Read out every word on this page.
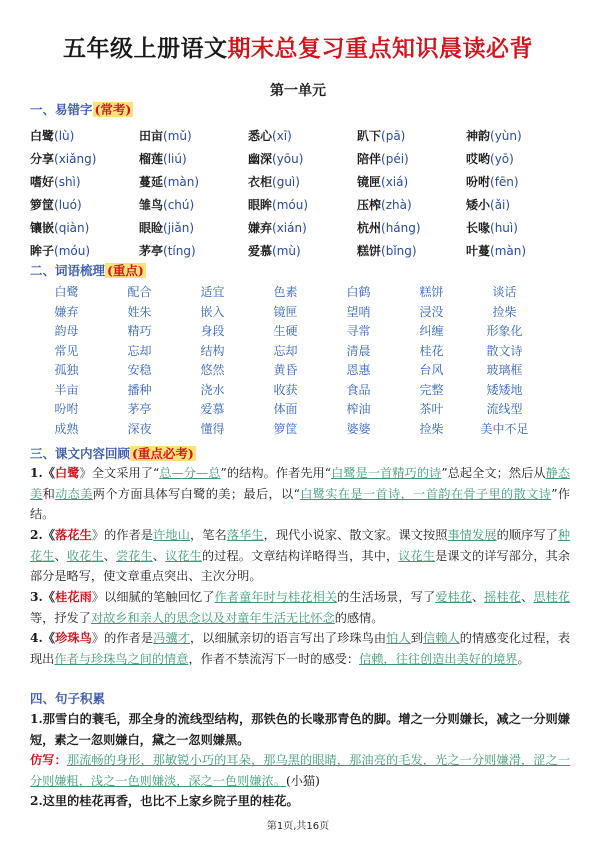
五年级上册语文期末总复习重点知识晨读必背
第一单元
一、易错字 (常考)
白鹭(lù)	田亩(mǔ)	悉心(xī)	趴下(pā)	神韵(yùn)
分享(xiǎng)	榴莲(liú)	幽深(yōu)	陪伴(péi)	哎哟(yō)
嗜好(shì)	蔓延(màn)	衣柜(guì)	镜匣(xiá)	吩咐(fēn)
箩筐(luó)	雏鸟(chú)	眼眸(móu)	压榨(zhà)	矮小(ǎi)
镶嵌(qiàn)	眼睑(jiǎn)	嫌弃(xián)	杭州(háng)	长喙(huì)
眸子(móu)	茅亭(tíng)	爱慕(mù)	糕饼(bǐng)	叶蔓(màn)
二、词语梳理 (重点)
白鹭	配合	适宜	色素	白鹤	糕饼	谈话
嫌弃	姓朱	嵌入	镜匣	望哨	浸没	捡柴
韵母	精巧	身段	生硬	寻常	纠缠	形象化
常见	忘却	结构	忘却	清晨	桂花	散文诗
孤独	安稳	悠然	黄昏	恩惠	台风	玻璃框
半亩	播种	浇水	收获	食品	完整	矮矮地
吩咐	茅亭	爱慕	体面	榨油	茶叶	流线型
成熟	深夜	懂得	箩筐	婆婆	捡柴	美中不足
三、课文内容回顾 (重点必考)
1.《白鹭》全文采用了“总—分—总”的结构。作者先用“白鹭是一首精巧的诗”总起全文；然后从静态美和动态美两个方面具体写白鹭的美；最后，以“白鹭实在是一首诗，一首韵在骨子里的散文诗”作结。
2.《落花生》的作者是许地山，笔名落华生，现代小说家、散文家。课文按照事情发展的顺序写了种花生、收花生、尝花生、议花生的过程。文章结构详略得当，其中，议花生是课文的详写部分，其余部分是略写，使文章重点突出、主次分明。
3.《桂花雨》以细腻的笔触回忆了作者童年时与桂花相关的生活场景，写了爱桂花、摇桂花、思桂花等，抒发了对故乡和亲人的思念以及对童年生活无比怀念的感情。
4.《珍珠鸟》的作者是冯骥才，以细腻亲切的语言写出了珍珠鸟由怕人到信赖人的情感变化过程，表现出作者与珍珠鸟之间的情意，作者不禁流泻下一时的感受：信赖，往往创造出美好的境界。
四、句子积累
1.那雪白的蓑毛，那全身的流线型结构，那铁色的长喙那青色的脚。增之一分则嫌长，减之一分则嫌短，素之一忽则嫌白，黛之一忽则嫌黑。
仿写：那流畅的身形，那敏锐小巧的耳朵，那乌黑的眼睛，那油亮的毛发，光之一分则嫌滑，涩之一分则嫌粗，浅之一色则嫌淡，深之一色则嫌浓。(小猫)
2.这里的桂花再香，也比不上家乡院子里的桂花。
第1页,共16页
